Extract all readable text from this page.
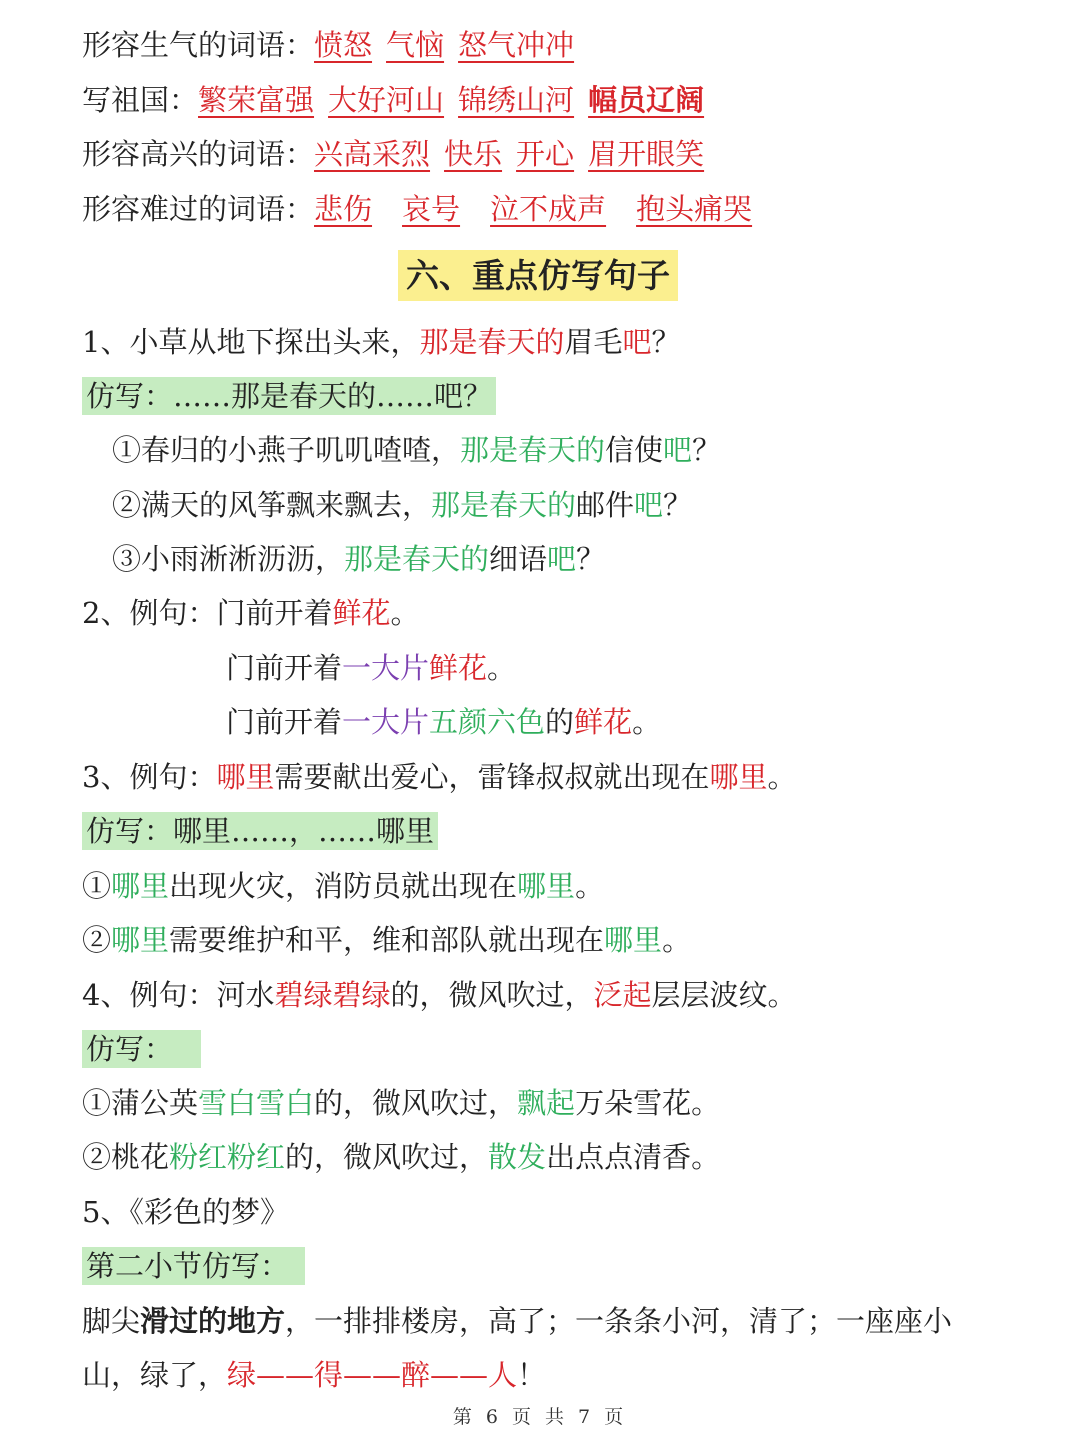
形容生气的词语：愤怒 气恼 怒气冲冲
写祖国：繁荣富强 大好河山 锦绣山河 幅员辽阔
形容高兴的词语：兴高采烈 快乐 开心 眉开眼笑
形容难过的词语：悲伤 哀号 泣不成声 抱头痛哭
六、重点仿写句子
1、小草从地下探出头来，那是春天的眉毛吧？
仿写：……那是春天的……吧？
①春归的小燕子叽叽喳喳，那是春天的信使吧？
②满天的风筝飘来飘去，那是春天的邮件吧？
③小雨淅淅沥沥，那是春天的细语吧？
2、例句：门前开着鲜花。
门前开着一大片鲜花。
门前开着一大片五颜六色的鲜花。
3、例句：哪里需要献出爱心，雷锋叔叔就出现在哪里。
仿写：哪里……，……哪里
①哪里出现火灾，消防员就出现在哪里。
②哪里需要维护和平，维和部队就出现在哪里。
4、例句：河水碧绿碧绿的，微风吹过，泛起层层波纹。
仿写：
①蒲公英雪白雪白的，微风吹过，飘起万朵雪花。
②桃花粉红粉红的，微风吹过，散发出点点清香。
5、《彩色的梦》
第二小节仿写：
脚尖滑过的地方，一排排楼房，高了；一条条小河，清了；一座座小
山，绿了，绿——得——醉——人！
第 6 页 共 7 页
